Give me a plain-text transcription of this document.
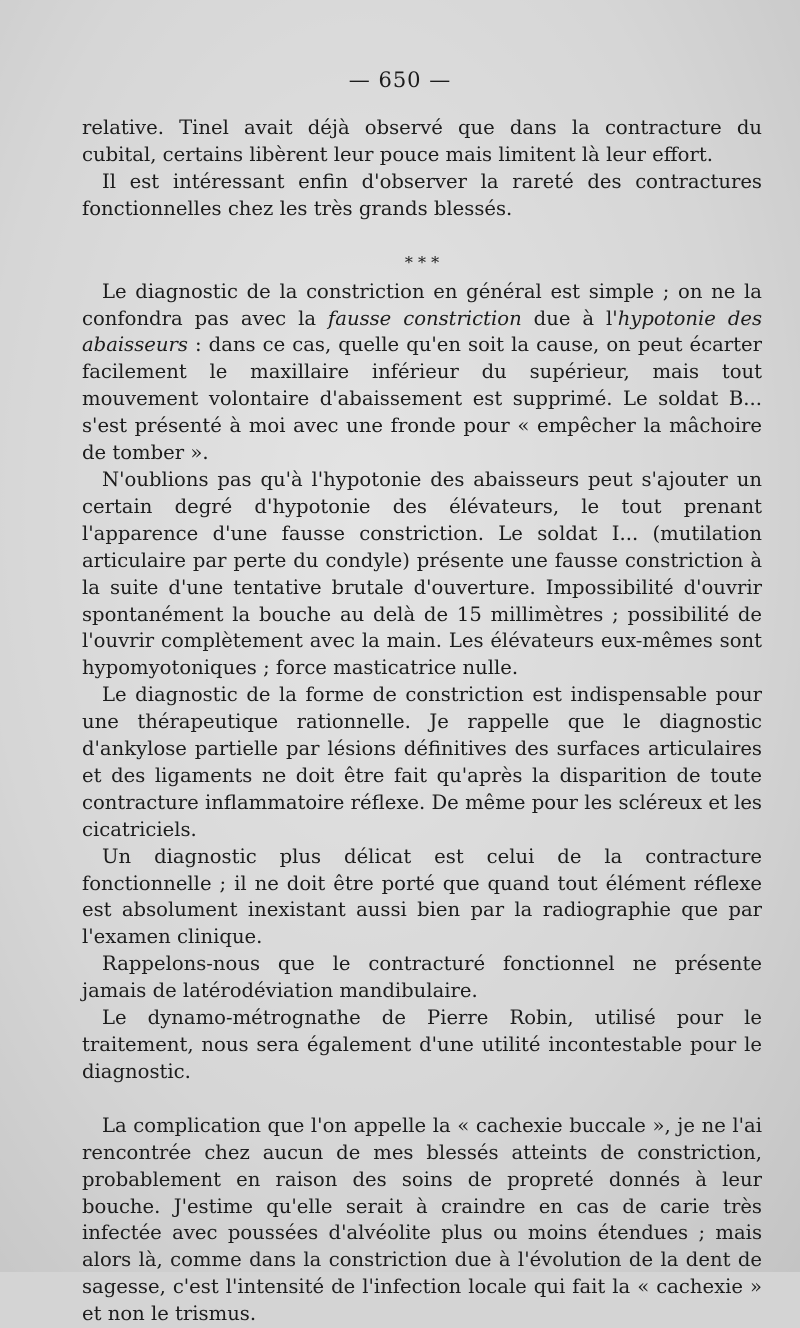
— 650 —

relative. Tinel avait déjà observé que dans la contracture du cubital, certains libèrent leur pouce mais limitent là leur effort.

Il est intéressant enfin d'observer la rareté des contractures fonctionnelles chez les très grands blessés.

* * *

Le diagnostic de la constriction en général est simple ; on ne la confondra pas avec la fausse constriction due à l'hypotonie des abaisseurs : dans ce cas, quelle qu'en soit la cause, on peut écarter facilement le maxillaire inférieur du supérieur, mais tout mouvement volontaire d'abaissement est supprimé. Le soldat B... s'est présenté à moi avec une fronde pour « empêcher la mâchoire de tomber ».

N'oublions pas qu'à l'hypotonie des abaisseurs peut s'ajouter un certain degré d'hypotonie des élévateurs, le tout prenant l'apparence d'une fausse constriction. Le soldat I... (mutilation articulaire par perte du condyle) présente une fausse constriction à la suite d'une tentative brutale d'ouverture. Impossibilité d'ouvrir spontanément la bouche au delà de 15 millimètres ; possibilité de l'ouvrir complètement avec la main. Les élévateurs eux-mêmes sont hypomyotoniques ; force masticatrice nulle.

Le diagnostic de la forme de constriction est indispensable pour une thérapeutique rationnelle. Je rappelle que le diagnostic d'ankylose partielle par lésions définitives des surfaces articulaires et des ligaments ne doit être fait qu'après la disparition de toute contracture inflammatoire réflexe. De même pour les scléreux et les cicatriciels.

Un diagnostic plus délicat est celui de la contracture fonctionnelle ; il ne doit être porté que quand tout élément réflexe est absolument inexistant aussi bien par la radiographie que par l'examen clinique.

Rappelons-nous que le contracturé fonctionnel ne présente jamais de latérodéviation mandibulaire.

Le dynamo-métrognathe de Pierre Robin, utilisé pour le traitement, nous sera également d'une utilité incontestable pour le diagnostic.

La complication que l'on appelle la « cachexie buccale », je ne l'ai rencontrée chez aucun de mes blessés atteints de constriction, probablement en raison des soins de propreté donnés à leur bouche. J'estime qu'elle serait à craindre en cas de carie très infectée avec poussées d'alvéolite plus ou moins étendues ; mais alors là, comme dans la constriction due à l'évolution de la dent de sagesse, c'est l'intensité de l'infection locale qui fait la « cachexie » et non le trismus.
